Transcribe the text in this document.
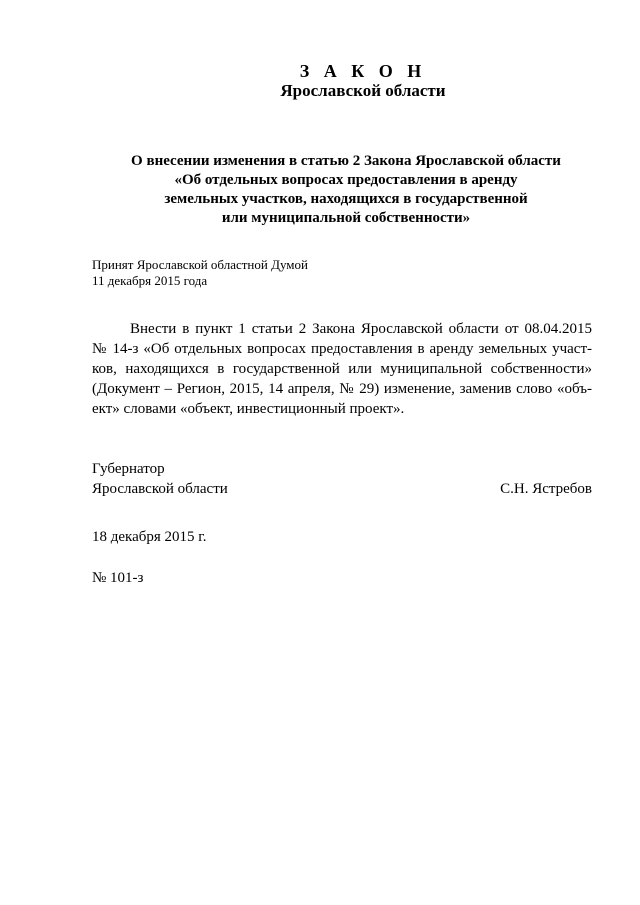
З А К О Н
Ярославской области
О внесении изменения в статью 2 Закона Ярославской области
«Об отдельных вопросах предоставления в аренду
земельных участков, находящихся в государственной
или муниципальной собственности»
Принят Ярославской областной Думой
11 декабря 2015 года
Внести в пункт 1 статьи 2 Закона Ярославской области от 08.04.2015
№ 14-з «Об отдельных вопросах предоставления в аренду земельных участ-
ков, находящихся в государственной или муниципальной собственности»
(Документ – Регион, 2015, 14 апреля, № 29) изменение, заменив слово «объ-
ект» словами «объект, инвестиционный проект».
Губернатор
Ярославской области	С.Н. Ястребов
18 декабря 2015 г.
№ 101-з
